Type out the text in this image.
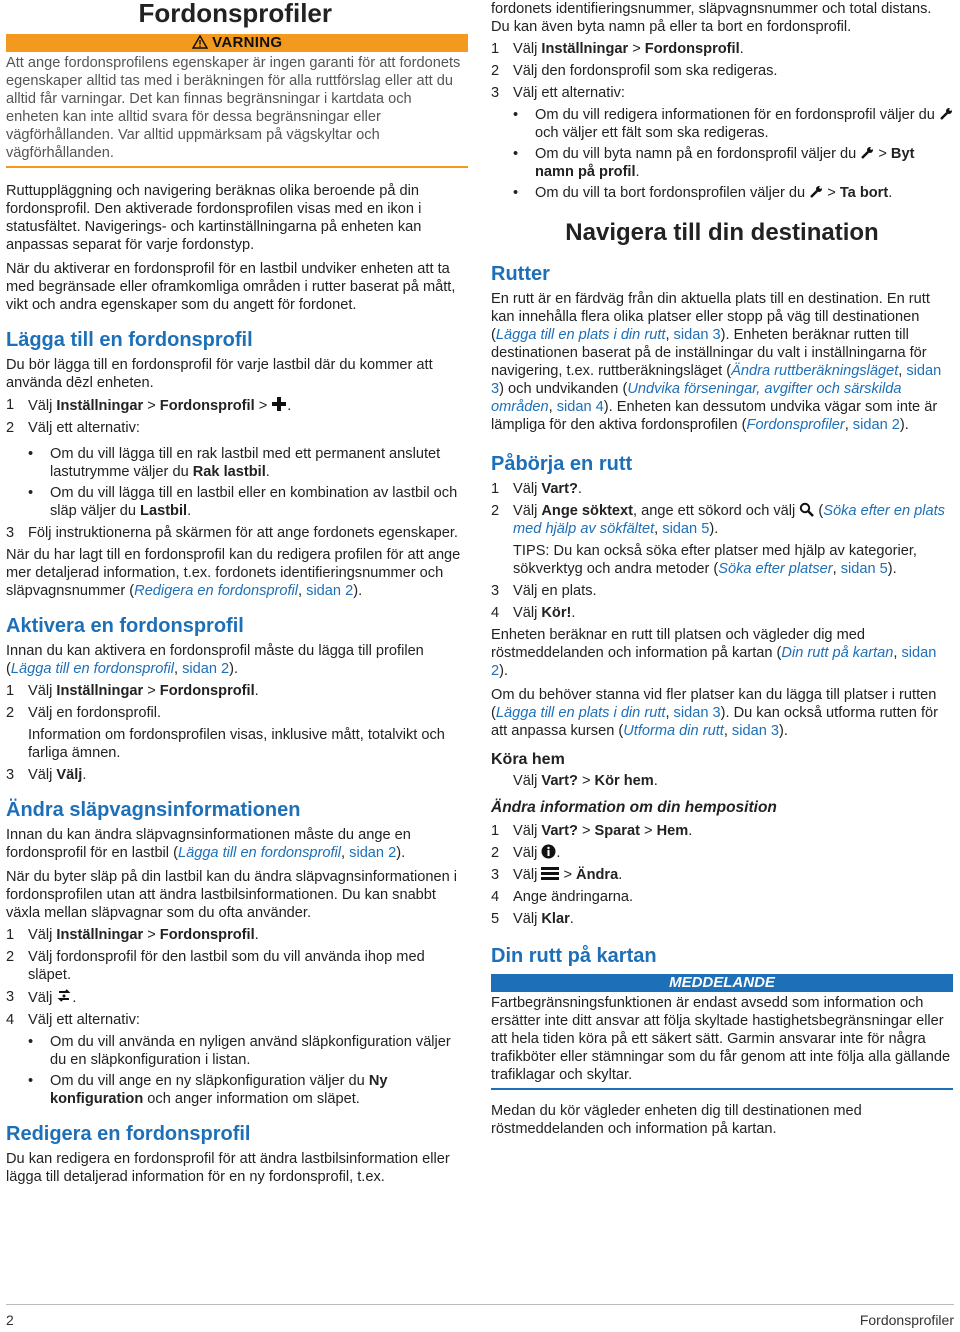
Fordonsprofiler
VARNING

Att ange fordonsprofilens egenskaper är ingen garanti för att fordonets egenskaper alltid tas med i beräkningen för alla ruttförslag eller att du alltid får varningar. Det kan finnas begränsningar i kartdata och enheten kan inte alltid svara för dessa begränsningar eller vägförhållanden. Var alltid uppmärksam på vägskyltar och vägförhållanden.

Ruttuppläggning och navigering beräknas olika beroende på din fordonsprofil. Den aktiverade fordonsprofilen visas med en ikon i statusfältet. Navigerings- och kartinställningarna på enheten kan anpassas separat för varje fordonstyp.

När du aktiverar en fordonsprofil för en lastbil undviker enheten att ta med begränsade eller oframkomliga områden i rutter baserat på mått, vikt och andra egenskaper som du angett för fordonet.

Lägga till en fordonsprofil

Du bör lägga till en fordonsprofil för varje lastbil där du kommer att använda dēzl enheten.

1 Välj Inställningar > Fordonsprofil > .
2 Välj ett alternativ:
•	Om du vill lägga till en rak lastbil med ett permanent anslutet lastutrymme väljer du Rak lastbil.
•	Om du vill lägga till en lastbil eller en kombination av lastbil och släp väljer du Lastbil.
3 Följ instruktionerna på skärmen för att ange fordonets egenskaper.

När du har lagt till en fordonsprofil kan du redigera profilen för att ange mer detaljerad information, t.ex. fordonets identifieringsnummer och släpvagnsnummer (Redigera en fordonsprofil, sidan 2).

Aktivera en fordonsprofil

Innan du kan aktivera en fordonsprofil måste du lägga till profilen (Lägga till en fordonsprofil, sidan 2).

1 Välj Inställningar > Fordonsprofil.
2 Välj en fordonsprofil.

Information om fordonsprofilen visas, inklusive mått, totalvikt och farliga ämnen.

3 Välj Välj.
Ändra släpvagnsinformationen

Innan du kan ändra släpvagnsinformationen måste du ange en fordonsprofil för en lastbil (Lägga till en fordonsprofil, sidan 2).

När du byter släp på din lastbil kan du ändra släpvagnsinformationen i fordonsprofilen utan att ändra lastbilsinformationen. Du kan snabbt växla mellan släpvagnar som du ofta använder.

1 Välj Inställningar > Fordonsprofil.
2 Välj fordonsprofil för den lastbil som du vill använda ihop med släpet.
3 Välj .
4 Välj ett alternativ:
•	Om du vill använda en nyligen använd släpkonfiguration väljer du en släpkonfiguration i listan.
•	Om du vill ange en ny släpkonfiguration väljer du Ny konfiguration och anger information om släpet.
Redigera en fordonsprofil

Du kan redigera en fordonsprofil för att ändra lastbilsinformation eller lägga till detaljerad information för en ny fordonsprofil, t.ex.

fordonets identifieringsnummer, släpvagnsnummer och total distans. Du kan även byta namn på eller ta bort en fordonsprofil.

1 Välj Inställningar > Fordonsprofil.
2 Välj den fordonsprofil som ska redigeras.
3 Välj ett alternativ:
•	Om du vill redigera informationen för en fordonsprofil väljer du  och väljer ett fält som ska redigeras.
•	Om du vill byta namn på en fordonsprofil väljer du  > Byt namn på profil.
•	Om du vill ta bort fordonsprofilen väljer du  > Ta bort.
Navigera till din destination
Rutter

En rutt är en färdväg från din aktuella plats till en destination. En rutt kan innehålla flera olika platser eller stopp på väg till destinationen (Lägga till en plats i din rutt, sidan 3). Enheten beräknar rutten till destinationen baserat på de inställningar du valt i inställningarna för navigering, t.ex. ruttberäkningsläget (Ändra ruttberäkningsläget, sidan 3) och undvikanden (Undvika förseningar, avgifter och särskilda områden, sidan 4). Enheten kan dessutom undvika vägar som inte är lämpliga för den aktiva fordonsprofilen (Fordonsprofiler, sidan 2).

Påbörja en rutt
1 Välj Vart?.
2 Välj Ange söktext, ange ett sökord och välj  (Söka efter en plats med hjälp av sökfältet, sidan 5).

TIPS: Du kan också söka efter platser med hjälp av kategorier, sökverktyg och andra metoder (Söka efter platser, sidan 5).

3 Välj en plats.
4 Välj Kör!.

Enheten beräknar en rutt till platsen och vägleder dig med röstmeddelanden och information på kartan (Din rutt på kartan, sidan 2).

Om du behöver stanna vid fler platser kan du lägga till platser i rutten (Lägga till en plats i din rutt, sidan 3). Du kan också utforma rutten för att anpassa kursen (Utforma din rutt, sidan 3).

Köra hem

Välj Vart? > Kör hem.

Ändra information om din hemposition
1 Välj Vart? > Sparat > Hem.
2 Välj .
3 Välj  > Ändra.
4 Ange ändringarna.
5 Välj Klar.
Din rutt på kartan
MEDDELANDE

Fartbegränsningsfunktionen är endast avsedd som information och ersätter inte ditt ansvar att följa skyltade hastighetsbegränsningar eller att hela tiden köra på ett säkert sätt. Garmin ansvarar inte för några trafikböter eller stämningar som du får genom att inte följa alla gällande trafiklagar och skyltar.

Medan du kör vägleder enheten dig till destinationen med röstmeddelanden och information på kartan.

2	Fordonsprofiler
